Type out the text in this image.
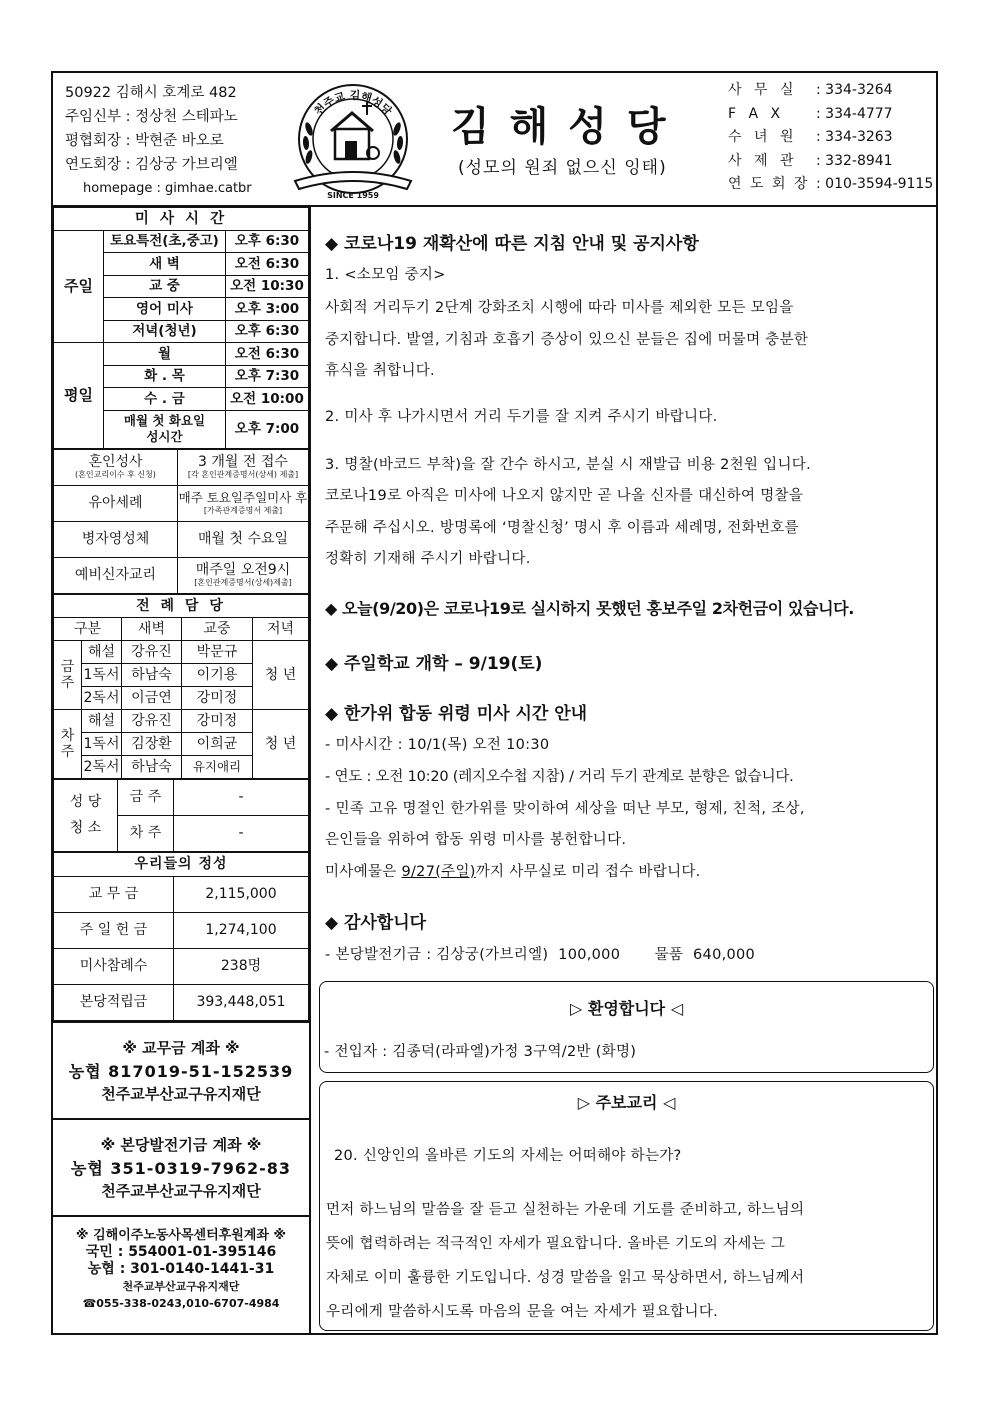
50922 김해시 호계로 482
주임신부 : 정상천 스테파노
평협회장 : 박현준 바오로
연도회장 : 김상궁 가브리엘
homepage : gimhae.catbr
천주교 김해성당
SINCE 1959
김해성당
(성모의 원죄 없으신 잉태)
사 무 실	: 334-3264
F A X	: 334-4777
수 녀 원	: 334-3263
사 제 관	: 332-8941
연 도 회 장 : 010-3594-9115
미 사 시 간		
주일	토요특전(초,중고)	오후 6:30
	새 벽	오전 6:30
	교 중	오전 10:30
	영어 미사	오후 3:00
	저녁(청년)	오후 6:30
평일	월	오전 6:30
	화 . 목	오후 7:30
	수 . 금	오전 10:00
	매월 첫 화요일
성시간	오후 7:00
혼인성사
(혼인교리이수 후 신청)	3 개월 전 접수
[각 혼인관계증명서(상세) 제출]

유아세례	매주 토요일주일미사 후
[가족관계증명서 제출]

병자영성체	매월 첫 수요일
예비신자교리	매주일 오전9시
[혼인관계증명서(상세)제출]
전 례 담 당				
구분		새벽	교중	저녁
금
주	해설	강유진	박문규	청 년
	1독서	하남숙	이기용	
	2독서	이금연	강미정	
차
주	해설	강유진	강미정	청 년
	1독서	김장환	이희균	
	2독서	하남숙	유지애리	
성 당
청 소	금 주	-
	차 주	-
우리들의 정성	
교 무 금	2,115,000
주 일 헌 금	1,274,100
미사참례수	238명
본당적립금	393,448,051
※ 교무금 계좌 ※
농협 817019-51-152539
천주교부산교구유지재단
※ 본당발전기금 계좌 ※
농협 351-0319-7962-83
천주교부산교구유지재단
※ 김해이주노동사목센터후원계좌 ※
국민 : 554001-01-395146
농협 : 301-0140-1441-31
천주교부산교구유지재단
☎055-338-0243,010-6707-4984
◆ 코로나19 재확산에 따른 지침 안내 및 공지사항
1. <소모임 중지>
사회적 거리두기 2단계 강화조치 시행에 따라 미사를 제외한 모든 모임을
중지합니다. 발열, 기침과 호흡기 증상이 있으신 분들은 집에 머물며 충분한
휴식을 취합니다.
2. 미사 후 나가시면서 거리 두기를 잘 지켜 주시기 바랍니다.
3. 명찰(바코드 부착)을 잘 간수 하시고, 분실 시 재발급 비용 2천원 입니다.
코로나19로 아직은 미사에 나오지 않지만 곧 나올 신자를 대신하여 명찰을
주문해 주십시오. 방명록에 ‘명찰신청’ 명시 후 이름과 세례명, 전화번호를
정확히 기재해 주시기 바랍니다.
◆ 오늘(9/20)은 코로나19로 실시하지 못했던 홍보주일 2차헌금이 있습니다.
◆ 주일학교 개학 – 9/19(토)
◆ 한가위 합동 위령 미사 시간 안내
- 미사시간 : 10/1(목) 오전 10:30
- 연도 : 오전 10:20 (레지오수첩 지참) / 거리 두기 관계로 분향은 없습니다.
- 민족 고유 명절인 한가위를 맞이하여 세상을 떠난 부모, 형제, 친척, 조상,
은인들을 위하여 합동 위령 미사를 봉헌합니다.
미사예물은 9/27(주일)까지 사무실로 미리 접수 바랍니다.
◆ 감사합니다
- 본당발전기금 : 김상궁(가브리엘)  100,000       물품  640,000
▷ 환영합니다 ◁
- 전입자 : 김종덕(라파엘)가정 3구역/2반 (화명)
▷ 주보교리 ◁
20. 신앙인의 올바른 기도의 자세는 어떠해야 하는가?
먼저 하느님의 말씀을 잘 듣고 실천하는 가운데 기도를 준비하고, 하느님의
뜻에 협력하려는 적극적인 자세가 필요합니다. 올바른 기도의 자세는 그
자체로 이미 훌륭한 기도입니다. 성경 말씀을 읽고 묵상하면서, 하느님께서
우리에게 말씀하시도록 마음의 문을 여는 자세가 필요합니다.
